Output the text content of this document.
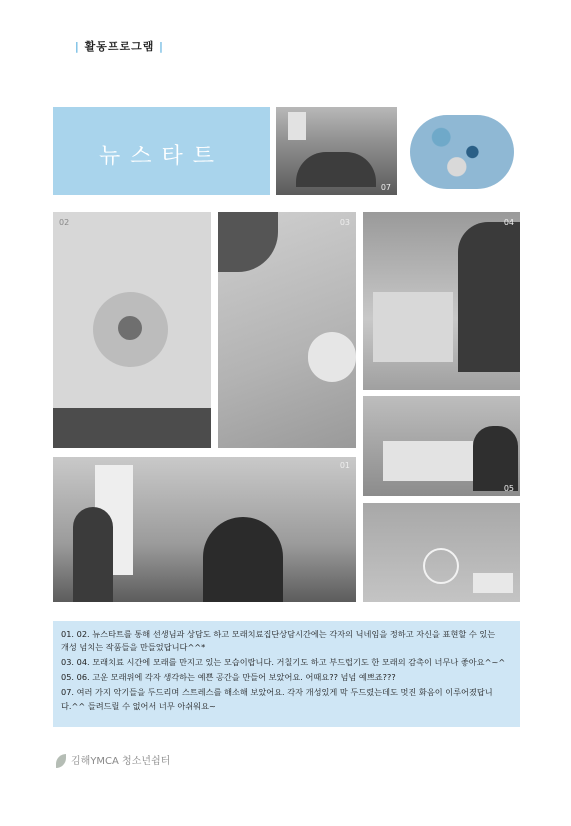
| 활동프로그램 |
뉴스타트
07
02	03	04
05
01
01. 02. 뉴스타트를 통해 선생님과 상담도 하고 모래치료집단상담시간에는 각자의 닉네임을 정하고 자신을 표현할 수 있는
개성 넘치는 작품들을 만들었답니다^^*
03. 04. 모래치료 시간에 모래를 만지고 있는 모습이랍니다. 거칠기도 하고 부드럽기도 한 모래의 감촉이 너무나 좋아요^~^
05. 06. 고운 모래위에 각자 생각하는 예쁜 공간을 만들어 보았어요. 어때요?? 넘넘 예쁘죠???
07. 여러 가지 악기들을 두드리며 스트레스를 해소해 보았어요. 각자 개성있게 막 두드렸는데도 멋진 화음이 이루어졌답니
다.^^ 들려드릴 수 없어서 너무 아쉬워요~
김해YMCA 청소년쉼터
